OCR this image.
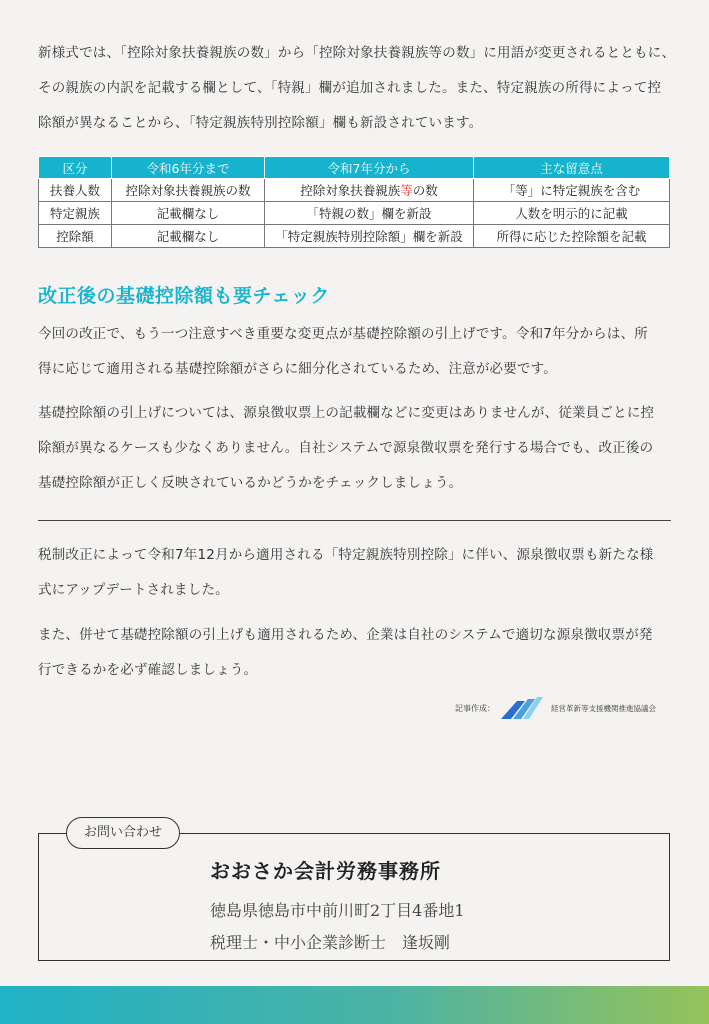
新様式では、「控除対象扶養親族の数」から「控除対象扶養親族等の数」に用語が変更されるとともに、
その親族の内訳を記載する欄として、「特親」欄が追加されました。また、特定親族の所得によって控
除額が異なることから、「特定親族特別控除額」欄も新設されています。
区分	令和6年分まで	令和7年分から	主な留意点
扶養人数	控除対象扶養親族の数	控除対象扶養親族等の数	「等」に特定親族を含む
特定親族	記載欄なし	「特親の数」欄を新設	人数を明示的に記載
控除額	記載欄なし	「特定親族特別控除額」欄を新設	所得に応じた控除額を記載
改正後の基礎控除額も要チェック
今回の改正で、もう一つ注意すべき重要な変更点が基礎控除額の引上げです。令和7年分からは、所
得に応じて適用される基礎控除額がさらに細分化されているため、注意が必要です。
基礎控除額の引上げについては、源泉徴収票上の記載欄などに変更はありませんが、従業員ごとに控
除額が異なるケースも少なくありません。自社システムで源泉徴収票を発行する場合でも、改正後の
基礎控除額が正しく反映されているかどうかをチェックしましょう。
税制改正によって令和7年12月から適用される「特定親族特別控除」に伴い、源泉徴収票も新たな様
式にアップデートされました。
また、併せて基礎控除額の引上げも適用されるため、企業は自社のシステムで適切な源泉徴収票が発
行できるかを必ず確認しましょう。
記事作成：	経営革新等支援機関推進協議会
お問い合わせ
おおさか会計労務事務所
徳島県徳島市中前川町2丁目4番地1
税理士・中小企業診断士　逢坂剛
